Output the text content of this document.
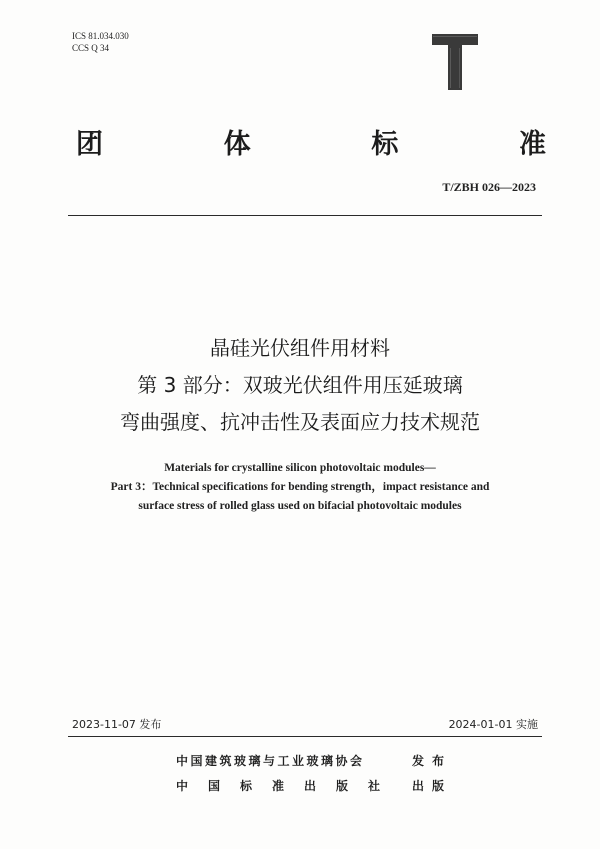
ICS 81.034.030
CCS Q 34
团	体	标	准
T/ZBH 026—2023
晶硅光伏组件用材料
第 3 部分：双玻光伏组件用压延玻璃
弯曲强度、抗冲击性及表面应力技术规范
Materials for crystalline silicon photovoltaic modules—
Part 3：Technical specifications for bending strength，impact resistance and
surface stress of rolled glass used on bifacial photovoltaic modules
2023-11-07 发布	2024-01-01 实施
中国建筑玻璃与工业玻璃协会	发布
中国标准出版社 出版
